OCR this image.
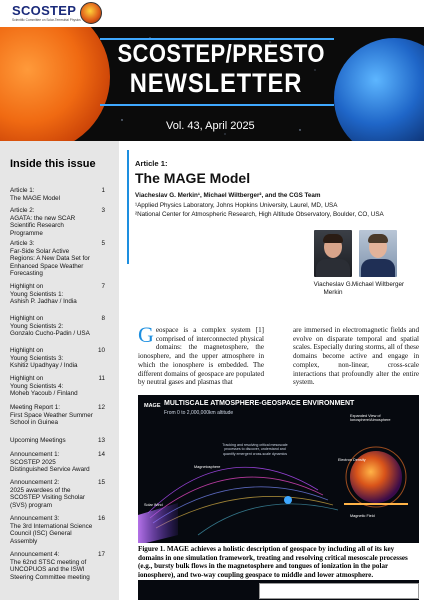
SCOSTEP
Scientific Committee on Solar-Terrestrial Physics
SCOSTEP/PRESTO
NEWSLETTER
Vol. 43, April 2025
Inside this issue
Article 1:
The MAGE Model
1
Article 2:
AGATA: the new SCAR Scientific Research Programme
3
Article 3:
Far-Side Solar Active Regions: A New Data Set for Enhanced Space Weather Forecasting
5
Highlight on
Young Scientists 1:
Ashish P. Jadhav / India
7
Highlight on
Young Scientists 2:
Gonzalo Cucho-Padin / USA
8
Highlight on
Young Scientists 3:
Kshitiz Upadhyay / India
10
Highlight on
Young Scientists 4:
Moheb Yacoub / Finland
11
Meeting Report 1:
First Space Weather Summer School in Guinea
12
Upcoming Meetings	13
Announcement 1:
SCOSTEP 2025 Distinguished Service Award
14
Announcement 2:
2025 awardees of the SCOSTEP Visiting Scholar (SVS) program
15
Announcement 3:
The 3rd International Science Council (ISC) General Assembly
16
Announcement 4:
The 62nd STSC meeting of UNCOPUOS and the ISWI Steering Committee meeting
17
Article 1:
The MAGE Model
Viacheslav G. Merkin¹, Michael Wiltberger², and the CGS Team
¹Applied Physics Laboratory, Johns Hopkins University, Laurel, MD, USA
²National Center for Atmospheric Research, High Altitude Observatory, Boulder, CO, USA
Viacheslav G. Merkin
Michael Wiltberger
Geospace is a complex system [1] comprised of interconnected physical domains: the magnetosphere, the ionosphere, and the upper atmosphere in which the ionosphere is embedded. The different domains of geospace are populated by neutral gases and plasmas that
are immersed in electromagnetic fields and evolve on disparate temporal and spatial scales. Especially during storms, all of these domains become active and engage in complex, non-linear, cross-scale interactions that profoundly alter the entire system.
MAGE MULTISCALE ATMOSPHERE-GEOSPACE ENVIRONMENT
From 0 to 2,000,000km altitude
Tracking and resolving critical mesoscale processes to discover, understand and quantify emergent cross-scale dynamics
Magnetosphere
Expanded View of Ionosphere/Atmosphere
Electron Density
Solar Wind
Magnetic Field
Figure 1. MAGE achieves a holistic description of geospace by including all of its key domains in one simulation framework, treating and resolving critical mesoscale processes (e.g., bursty bulk flows in the magnetosphere and tongues of ionization in the polar ionosphere), and two-way coupling geospace to middle and lower atmosphere.
